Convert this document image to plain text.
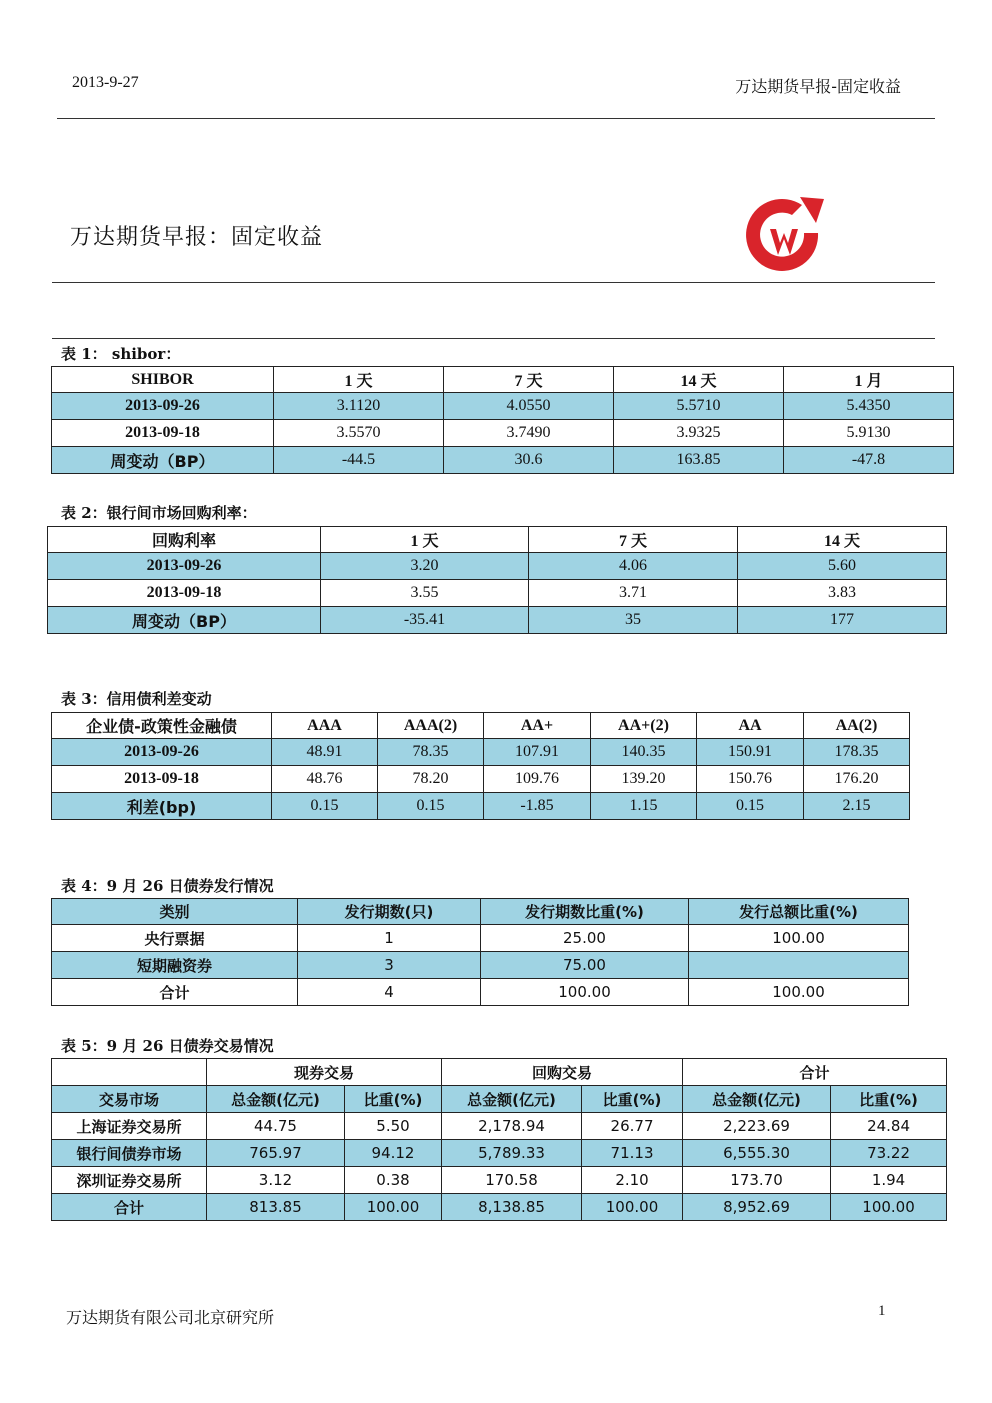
2013-9-27	万达期货早报-固定收益
万达期货早报：固定收益
表 1： shibor：
SHIBOR	1 天	7 天	14 天	1 月
2013-09-26	3.1120	4.0550	5.5710	5.4350
2013-09-18	3.5570	3.7490	3.9325	5.9130
周变动（BP）	-44.5	30.6	163.85	-47.8
表 2：银行间市场回购利率：
回购利率	1 天	7 天	14 天
2013-09-26	3.20	4.06	5.60
2013-09-18	3.55	3.71	3.83
周变动（BP）	-35.41	35	177
表 3：信用债利差变动
企业债-政策性金融债	AAA	AAA(2)	AA+	AA+(2)	AA	AA(2)
2013-09-26	48.91	78.35	107.91	140.35	150.91	178.35
2013-09-18	48.76	78.20	109.76	139.20	150.76	176.20
利差(bp)	0.15	0.15	-1.85	1.15	0.15	2.15
表 4：9 月 26 日债券发行情况
类别	发行期数(只)	发行期数比重(%)	发行总额比重(%)
央行票据	1	25.00	100.00
短期融资券	3	75.00	
合计	4	100.00	100.00
表 5：9 月 26 日债券交易情况
	现券交易		回购交易		合计	
交易市场	总金额(亿元)	比重(%)	总金额(亿元)	比重(%)	总金额(亿元)	比重(%)
上海证券交易所	44.75	5.50	2,178.94	26.77	2,223.69	24.84
银行间债券市场	765.97	94.12	5,789.33	71.13	6,555.30	73.22
深圳证券交易所	3.12	0.38	170.58	2.10	173.70	1.94
合计	813.85	100.00	8,138.85	100.00	8,952.69	100.00
万达期货有限公司北京研究所	1
